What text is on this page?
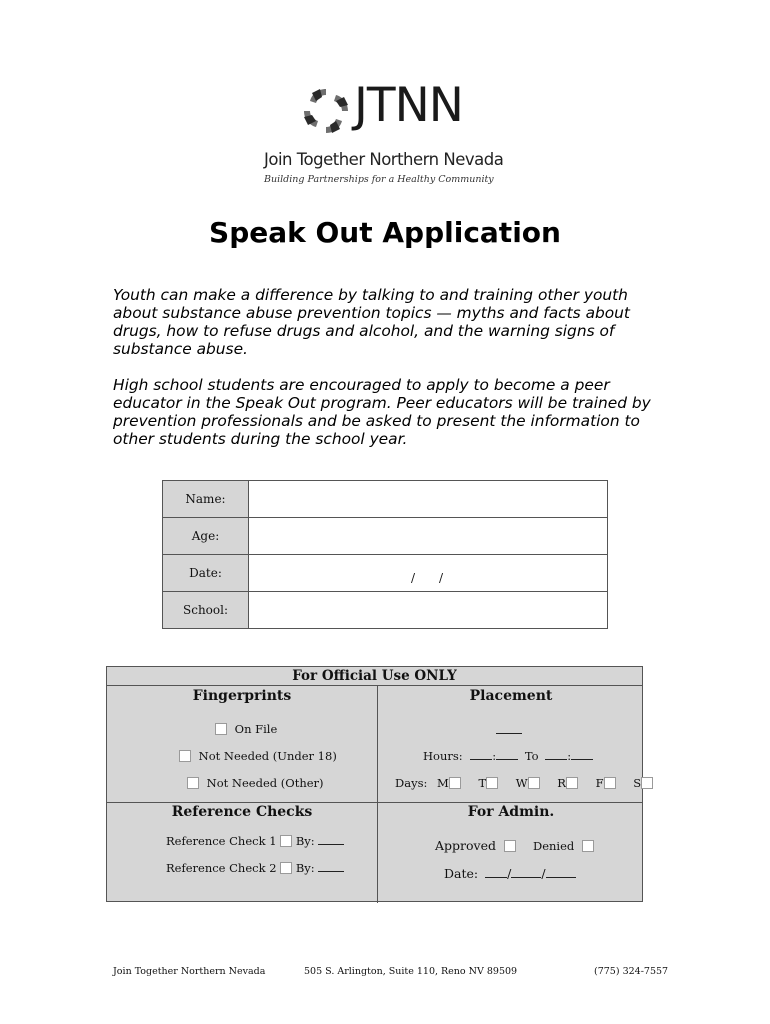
JTNN
Join Together Northern Nevada
Building Partnerships for a Healthy Community
Speak Out Application

Youth can make a difference by talking to and training other youth about substance abuse prevention topics — myths and facts about drugs, how to refuse drugs and alcohol, and the warning signs of substance abuse.

High school students are encouraged to apply to become a peer educator in the Speak Out program. Peer educators will be trained by prevention professionals and be asked to present the information to other students during the school year.

Name:	
Age:	
Date:	/ /

School:	
For Official Use ONLY
Fingerprints
On File
Not Needed (Under 18)
Not Needed (Other)
Placement
Hours:	: To :
Days: M	T	W	R	F	S
Reference Checks
Reference Check 1 By:
Reference Check 2 By:
For Admin.
Approved	Denied
Date: / /
Join Together Northern Nevada	505 S. Arlington, Suite 110, Reno NV 89509	(775) 324-7557
